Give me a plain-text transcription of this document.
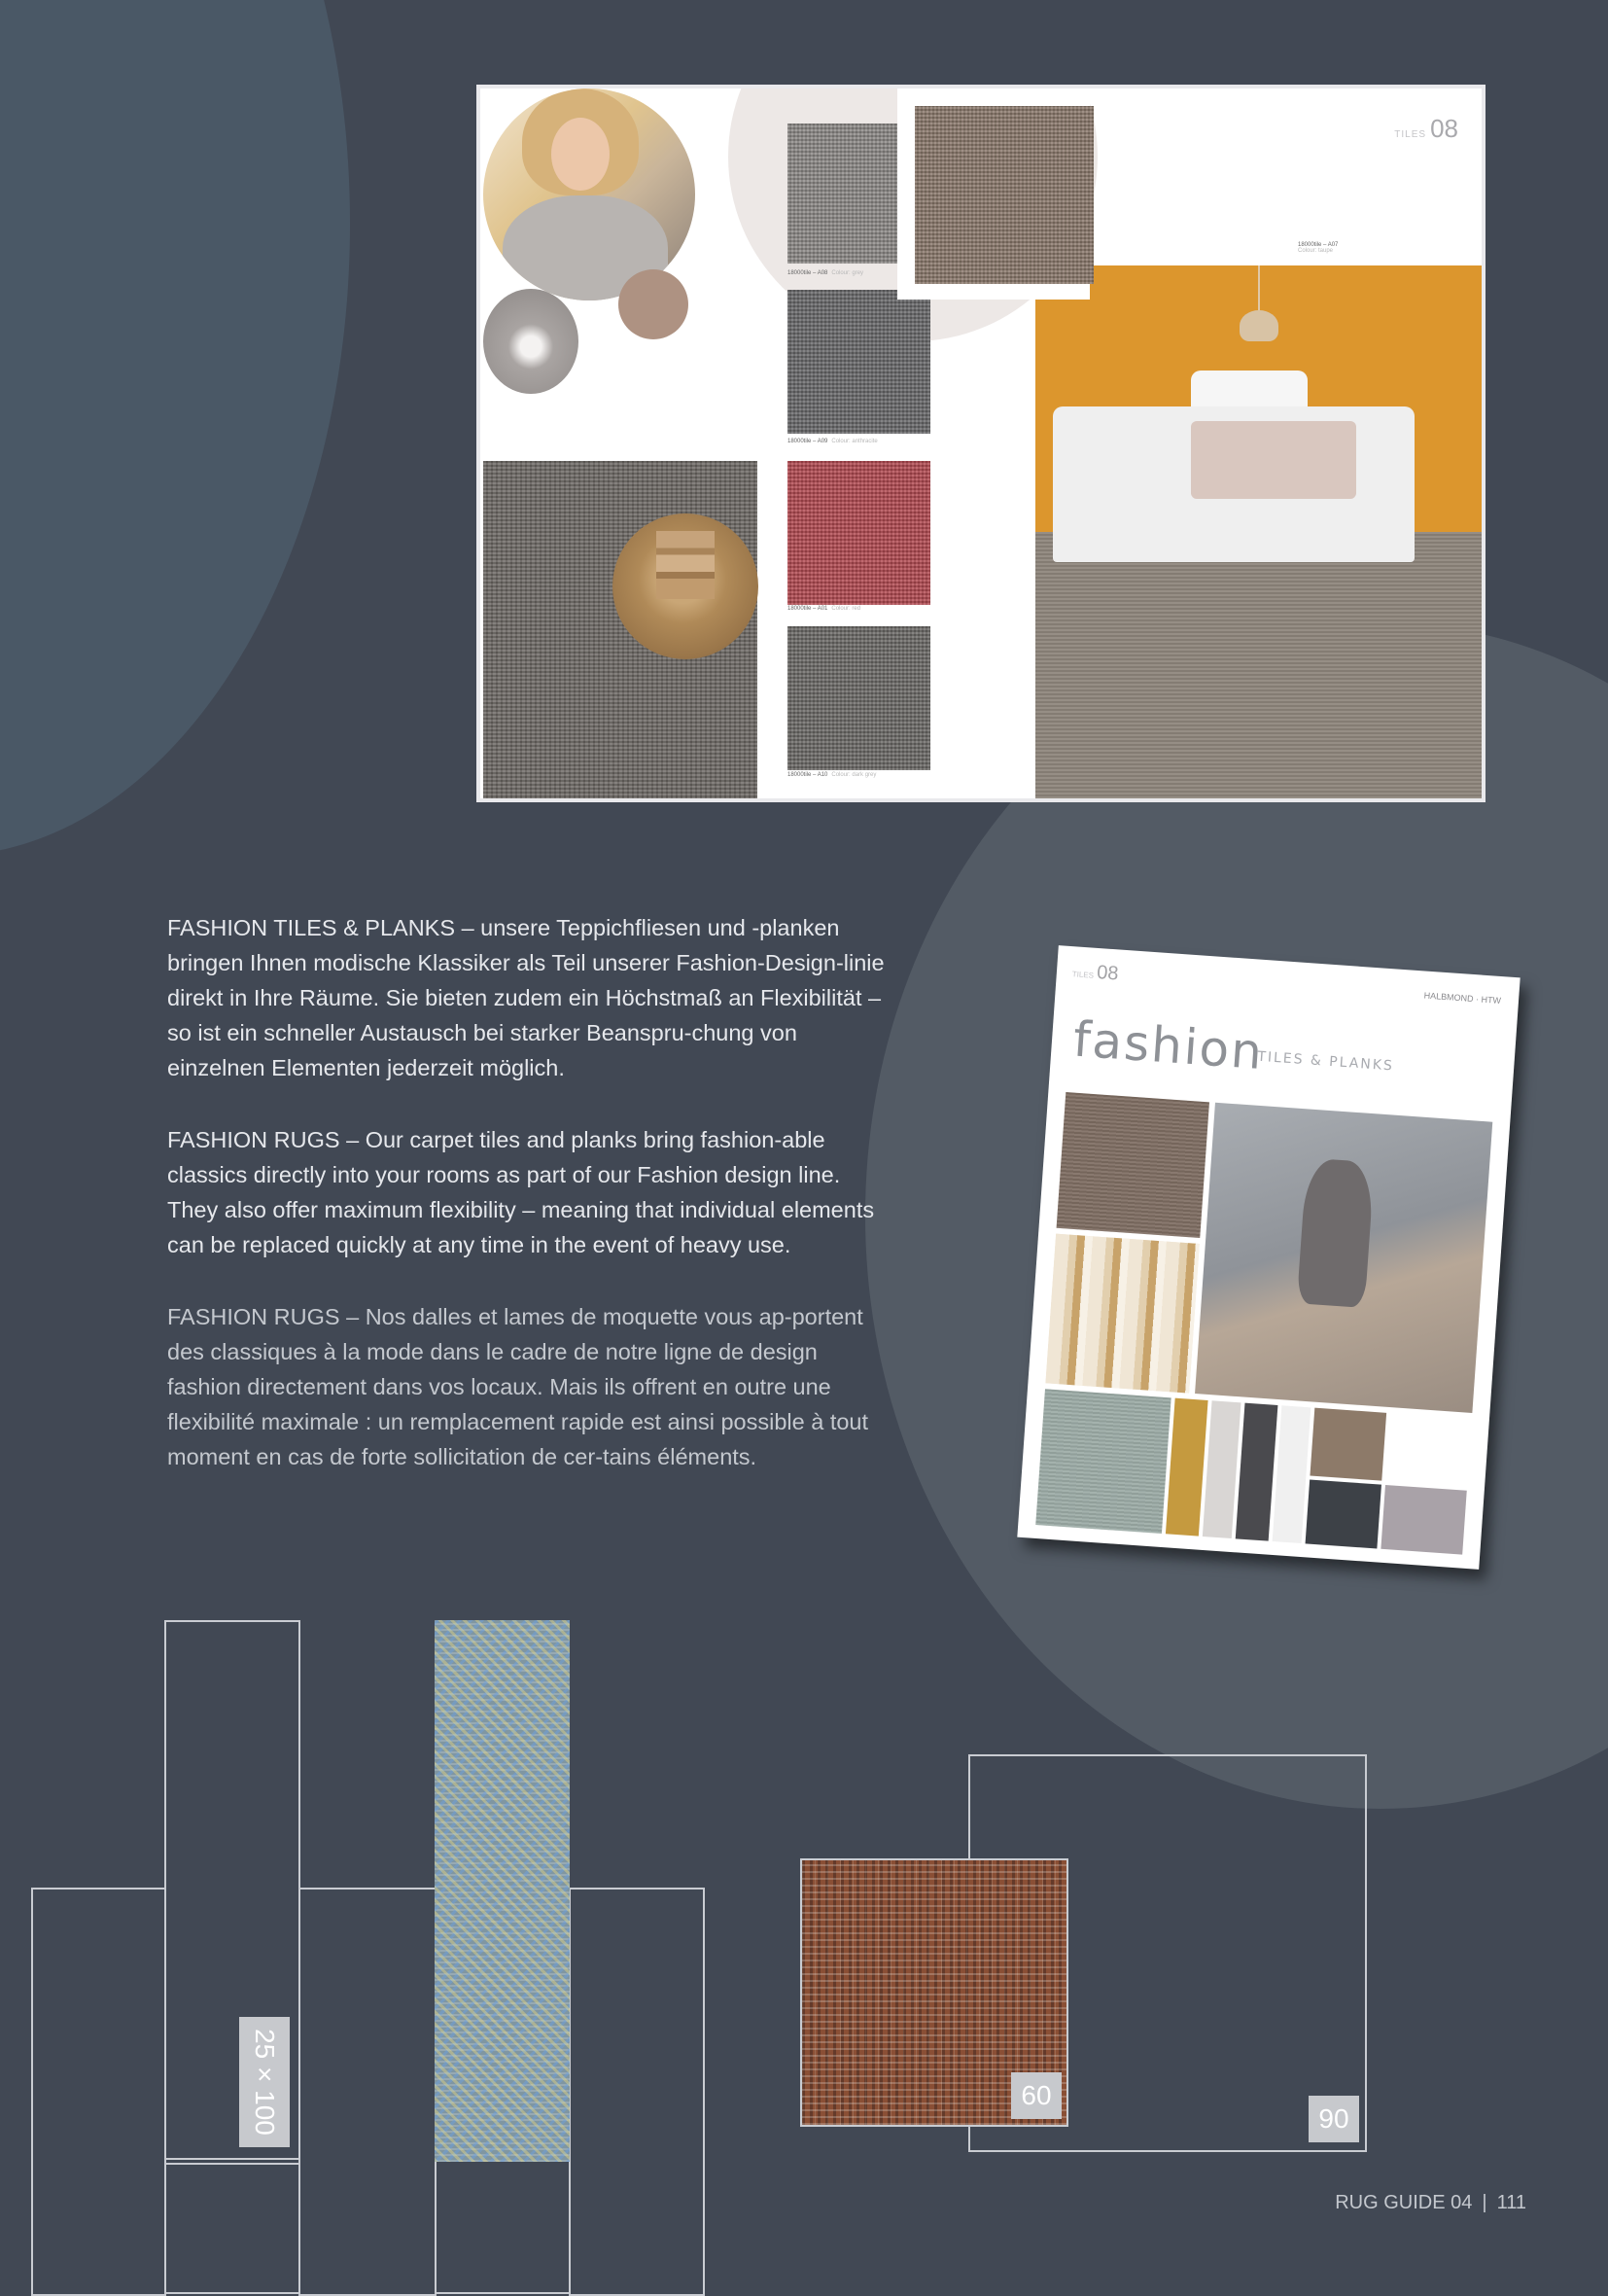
18000tile – A08 Colour: grey
18000tile – A09 Colour: anthracite
18000tile – A01 Colour: red
18000tile – A10 Colour: dark grey
18000tile – A07
Colour: taupe
TILES 08

FASHION TILES & PLANKS – unsere Teppichfliesen und -planken bringen Ihnen modische Klassiker als Teil unserer Fashion-Design-linie direkt in Ihre Räume. Sie bieten zudem ein Höchstmaß an Flexibilität – so ist ein schneller Austausch bei starker Beanspru-chung von einzelnen Elementen jederzeit möglich.

FASHION RUGS – Our carpet tiles and planks bring fashion-able classics directly into your rooms as part of our Fashion design line. They also offer maximum flexibility – meaning that individual elements can be replaced quickly at any time in the event of heavy use.

FASHION RUGS – Nos dalles et lames de moquette vous ap-portent des classiques à la mode dans le cadre de notre ligne de design fashion directement dans vos locaux. Mais ils offrent en outre une flexibilité maximale : un remplacement rapide est ainsi possible à tout moment en cas de forte sollicitation de cer-tains éléments.

TILES 08
HALBMOND · HTW
fashion
TILES & PLANKS
25 × 100	60
90
RUG GUIDE 04 | 111
